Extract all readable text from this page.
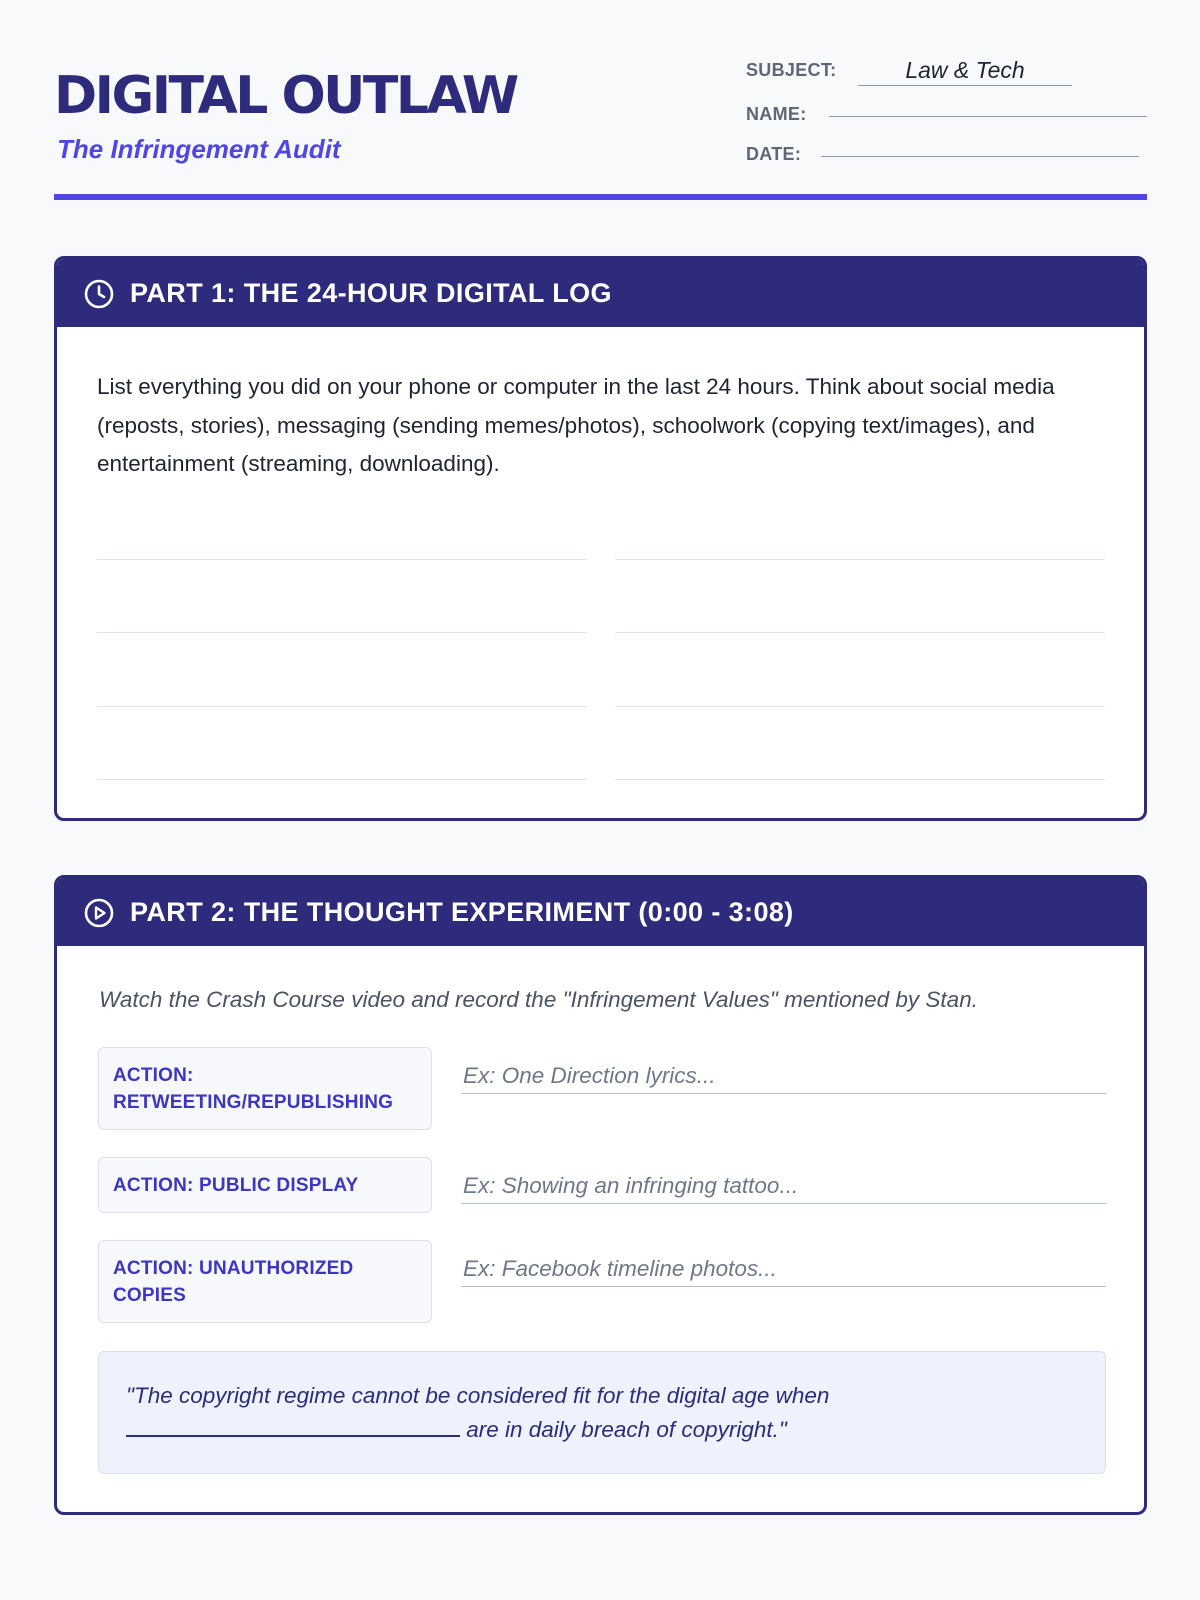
DIGITAL OUTLAW
The Infringement Audit
SUBJECT:	Law & Tech
NAME:
DATE:
PART 1: THE 24-HOUR DIGITAL LOG
List everything you did on your phone or computer in the last 24 hours. Think about social media (reposts, stories), messaging (sending memes/photos), schoolwork (copying text/images), and entertainment (streaming, downloading).
PART 2: THE THOUGHT EXPERIMENT (0:00 - 3:08)
Watch the Crash Course video and record the "Infringement Values" mentioned by Stan.
ACTION: RETWEETING/REPUBLISHING
Ex: One Direction lyrics...
ACTION: PUBLIC DISPLAY
Ex: Showing an infringing tattoo...
ACTION: UNAUTHORIZED COPIES
Ex: Facebook timeline photos...
"The copyright regime cannot be considered fit for the digital age when
are in daily breach of copyright."
